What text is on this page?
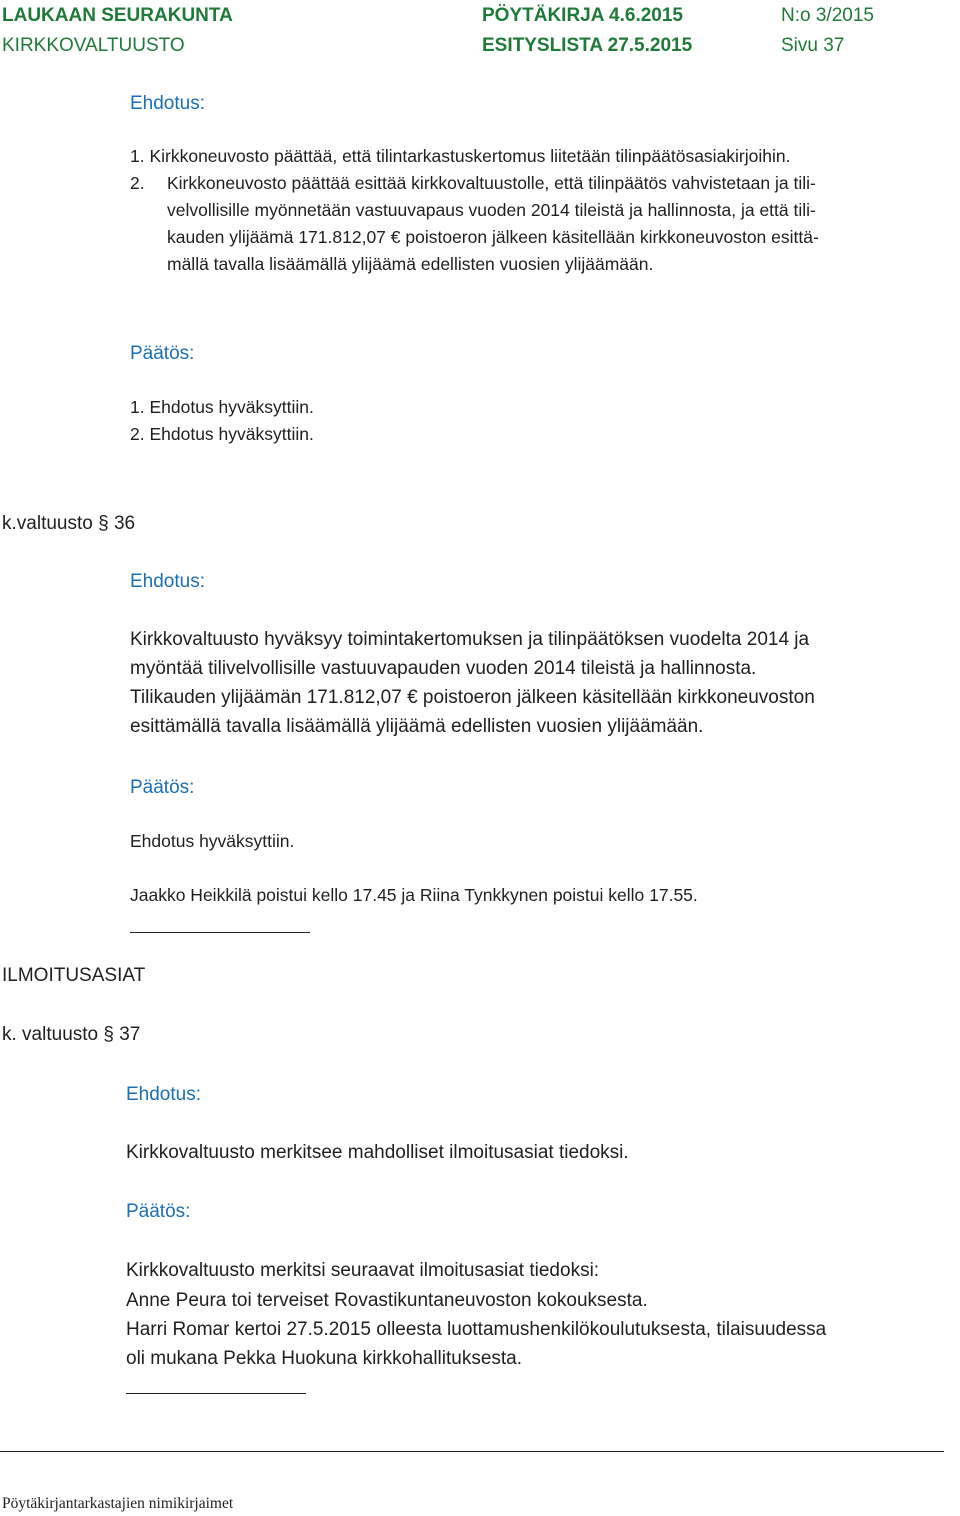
LAUKAAN SEURAKUNTA
KIRKKOVALTUUSTO
PÖYTÄKIRJA 4.6.2015
ESITYSLISTA 27.5.2015
N:o 3/2015
Sivu 37
Ehdotus:
1. Kirkkoneuvosto päättää, että tilintarkastuskertomus liitetään tilinpäätösasiakirjoihin.
2. Kirkkoneuvosto päättää esittää kirkkovaltuustolle, että tilinpäätös vahvistetaan ja tili-
velvollisille myönnetään vastuuvapaus vuoden 2014 tileistä ja hallinnosta, ja että tili-
kauden ylijäämä 171.812,07 € poistoeron jälkeen käsitellään kirkkoneuvoston esittä-
mällä tavalla lisäämällä ylijäämä edellisten vuosien ylijäämään.
Päätös:
1. Ehdotus hyväksyttiin.
2. Ehdotus hyväksyttiin.
k.valtuusto § 36
Ehdotus:
Kirkkovaltuusto hyväksyy toimintakertomuksen ja tilinpäätöksen vuodelta 2014 ja
myöntää tilivelvollisille vastuuvapauden vuoden 2014 tileistä ja hallinnosta.
Tilikauden ylijäämän 171.812,07 € poistoeron jälkeen käsitellään kirkkoneuvoston
esittämällä tavalla lisäämällä ylijäämä edellisten vuosien ylijäämään.
Päätös:
Ehdotus hyväksyttiin.
Jaakko Heikkilä poistui kello 17.45 ja Riina Tynkkynen poistui kello 17.55.
ILMOITUSASIAT
k. valtuusto § 37
Ehdotus:
Kirkkovaltuusto merkitsee mahdolliset ilmoitusasiat tiedoksi.
Päätös:
Kirkkovaltuusto merkitsi seuraavat ilmoitusasiat tiedoksi:
Anne Peura toi terveiset Rovastikuntaneuvoston kokouksesta.
Harri Romar kertoi 27.5.2015 olleesta luottamushenkilökoulutuksesta, tilaisuudessa
oli mukana Pekka Huokuna kirkkohallituksesta.
Pöytäkirjantarkastajien nimikirjaimet
